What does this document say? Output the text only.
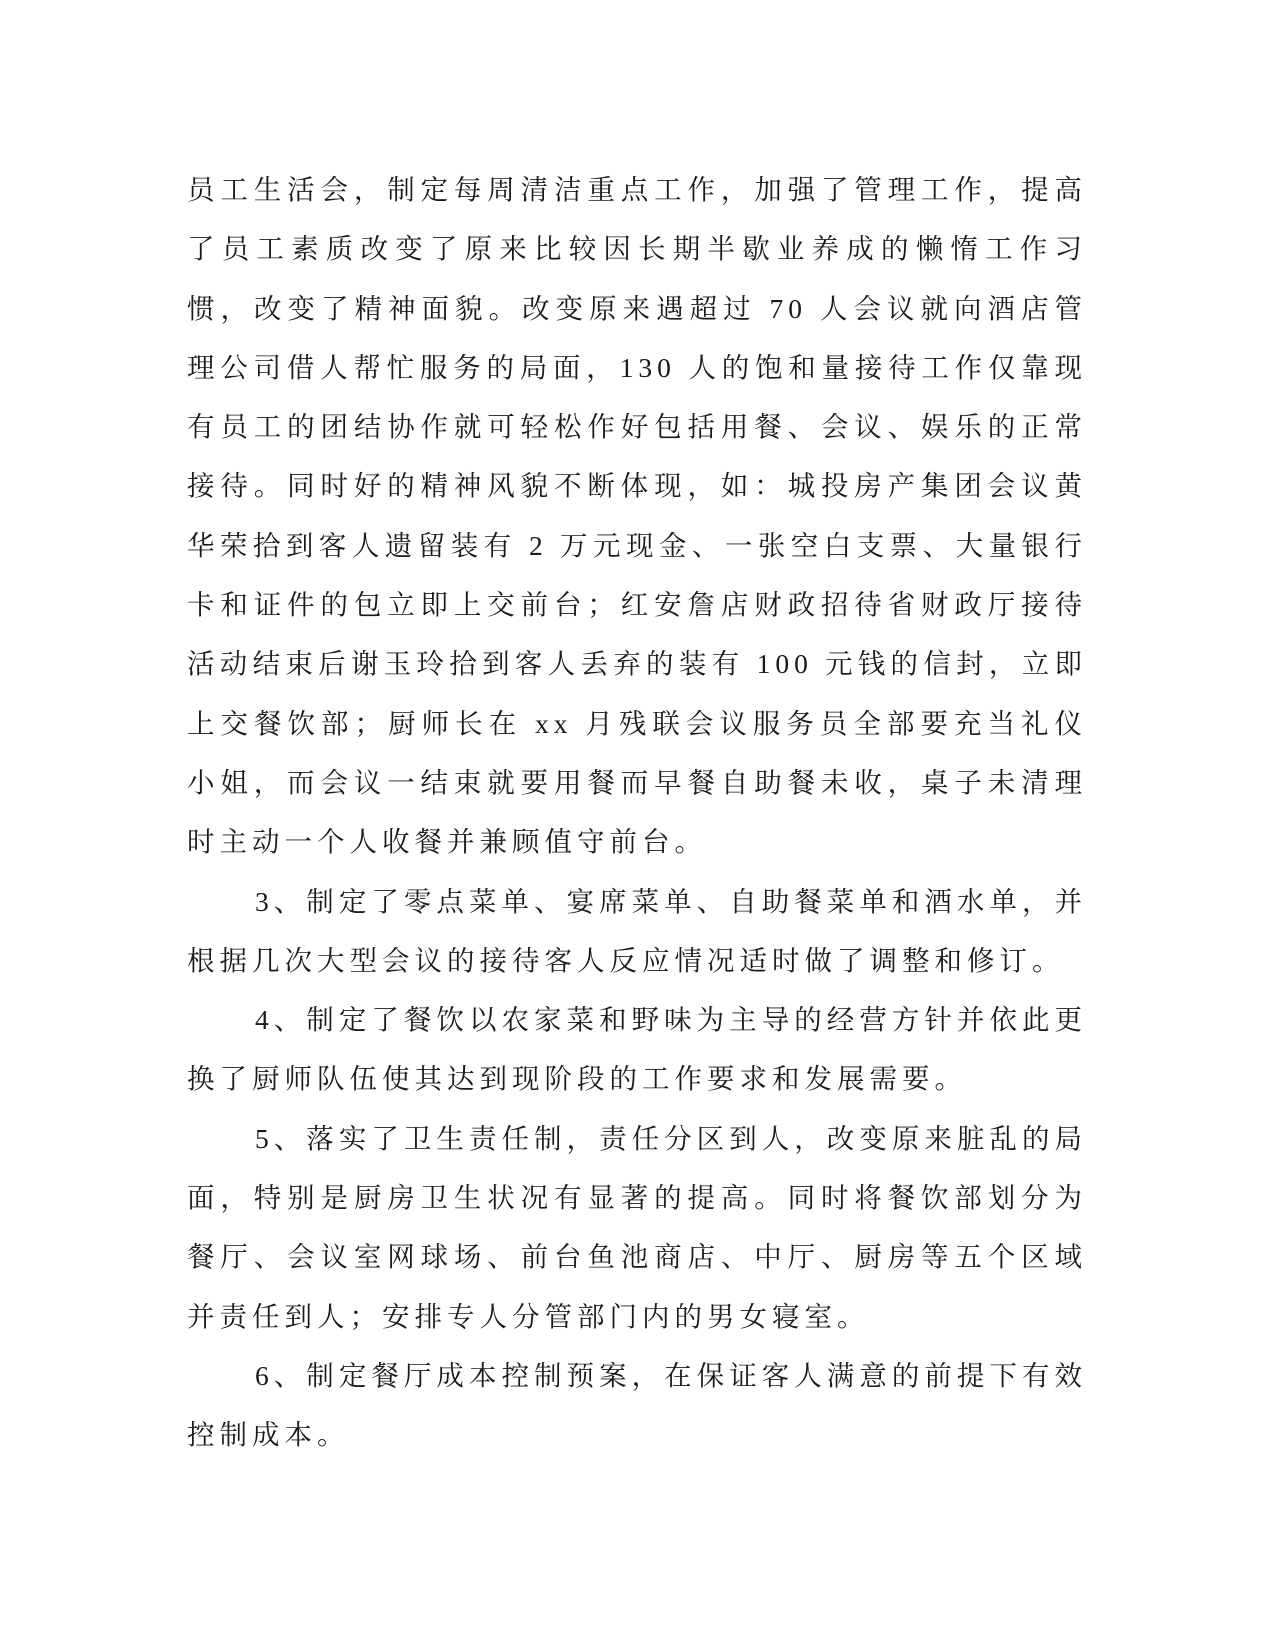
员工生活会，制定每周清洁重点工作，加强了管理工作，提高了员工素质改变了原来比较因长期半歇业养成的懒惰工作习惯，改变了精神面貌。改变原来遇超过 70 人会议就向酒店管理公司借人帮忙服务的局面，130 人的饱和量接待工作仅靠现有员工的团结协作就可轻松作好包括用餐、会议、娱乐的正常接待。同时好的精神风貌不断体现，如：城投房产集团会议黄华荣拾到客人遗留装有 2 万元现金、一张空白支票、大量银行卡和证件的包立即上交前台；红安詹店财政招待省财政厅接待活动结束后谢玉玲拾到客人丢弃的装有 100 元钱的信封，立即上交餐饮部；厨师长在 xx 月残联会议服务员全部要充当礼仪小姐，而会议一结束就要用餐而早餐自助餐未收，桌子未清理时主动一个人收餐并兼顾值守前台。

3、制定了零点菜单、宴席菜单、自助餐菜单和酒水单，并根据几次大型会议的接待客人反应情况适时做了调整和修订。

4、制定了餐饮以农家菜和野味为主导的经营方针并依此更换了厨师队伍使其达到现阶段的工作要求和发展需要。

5、落实了卫生责任制，责任分区到人，改变原来脏乱的局面，特别是厨房卫生状况有显著的提高。同时将餐饮部划分为餐厅、会议室网球场、前台鱼池商店、中厅、厨房等五个区域并责任到人；安排专人分管部门内的男女寝室。

6、制定餐厅成本控制预案，在保证客人满意的前提下有效控制成本。
